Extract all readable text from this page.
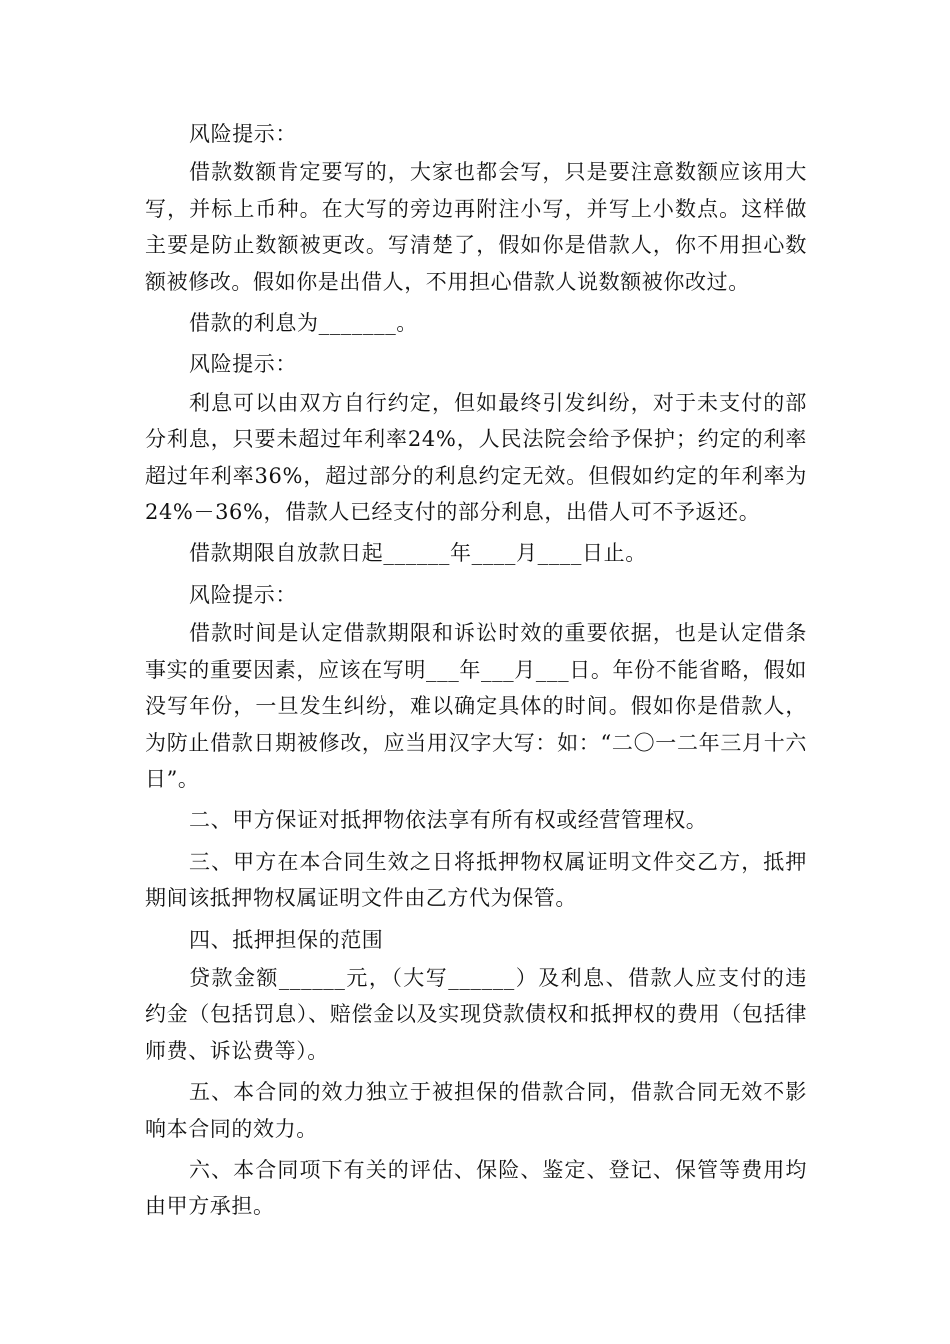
风险提示：

借款数额肯定要写的，大家也都会写，只是要注意数额应该用大写，并标上币种。在大写的旁边再附注小写，并写上小数点。这样做主要是防止数额被更改。写清楚了，假如你是借款人，你不用担心数额被修改。假如你是出借人，不用担心借款人说数额被你改过。

借款的利息为_______。

风险提示：

利息可以由双方自行约定，但如最终引发纠纷，对于未支付的部分利息，只要未超过年利率24%，人民法院会给予保护；约定的利率超过年利率36%，超过部分的利息约定无效。但假如约定的年利率为24%－36%，借款人已经支付的部分利息，出借人可不予返还。

借款期限自放款日起______年____月____日止。

风险提示：

借款时间是认定借款期限和诉讼时效的重要依据，也是认定借条事实的重要因素，应该在写明___年___月___日。年份不能省略，假如没写年份，一旦发生纠纷，难以确定具体的时间。假如你是借款人，为防止借款日期被修改，应当用汉字大写：如：“二〇一二年三月十六日”。

二、甲方保证对抵押物依法享有所有权或经营管理权。

三、甲方在本合同生效之日将抵押物权属证明文件交乙方，抵押期间该抵押物权属证明文件由乙方代为保管。

四、抵押担保的范围

贷款金额______元，（大写______）及利息、借款人应支付的违约金（包括罚息）、赔偿金以及实现贷款债权和抵押权的费用（包括律师费、诉讼费等）。

五、本合同的效力独立于被担保的借款合同，借款合同无效不影响本合同的效力。

六、本合同项下有关的评估、保险、鉴定、登记、保管等费用均由甲方承担。
